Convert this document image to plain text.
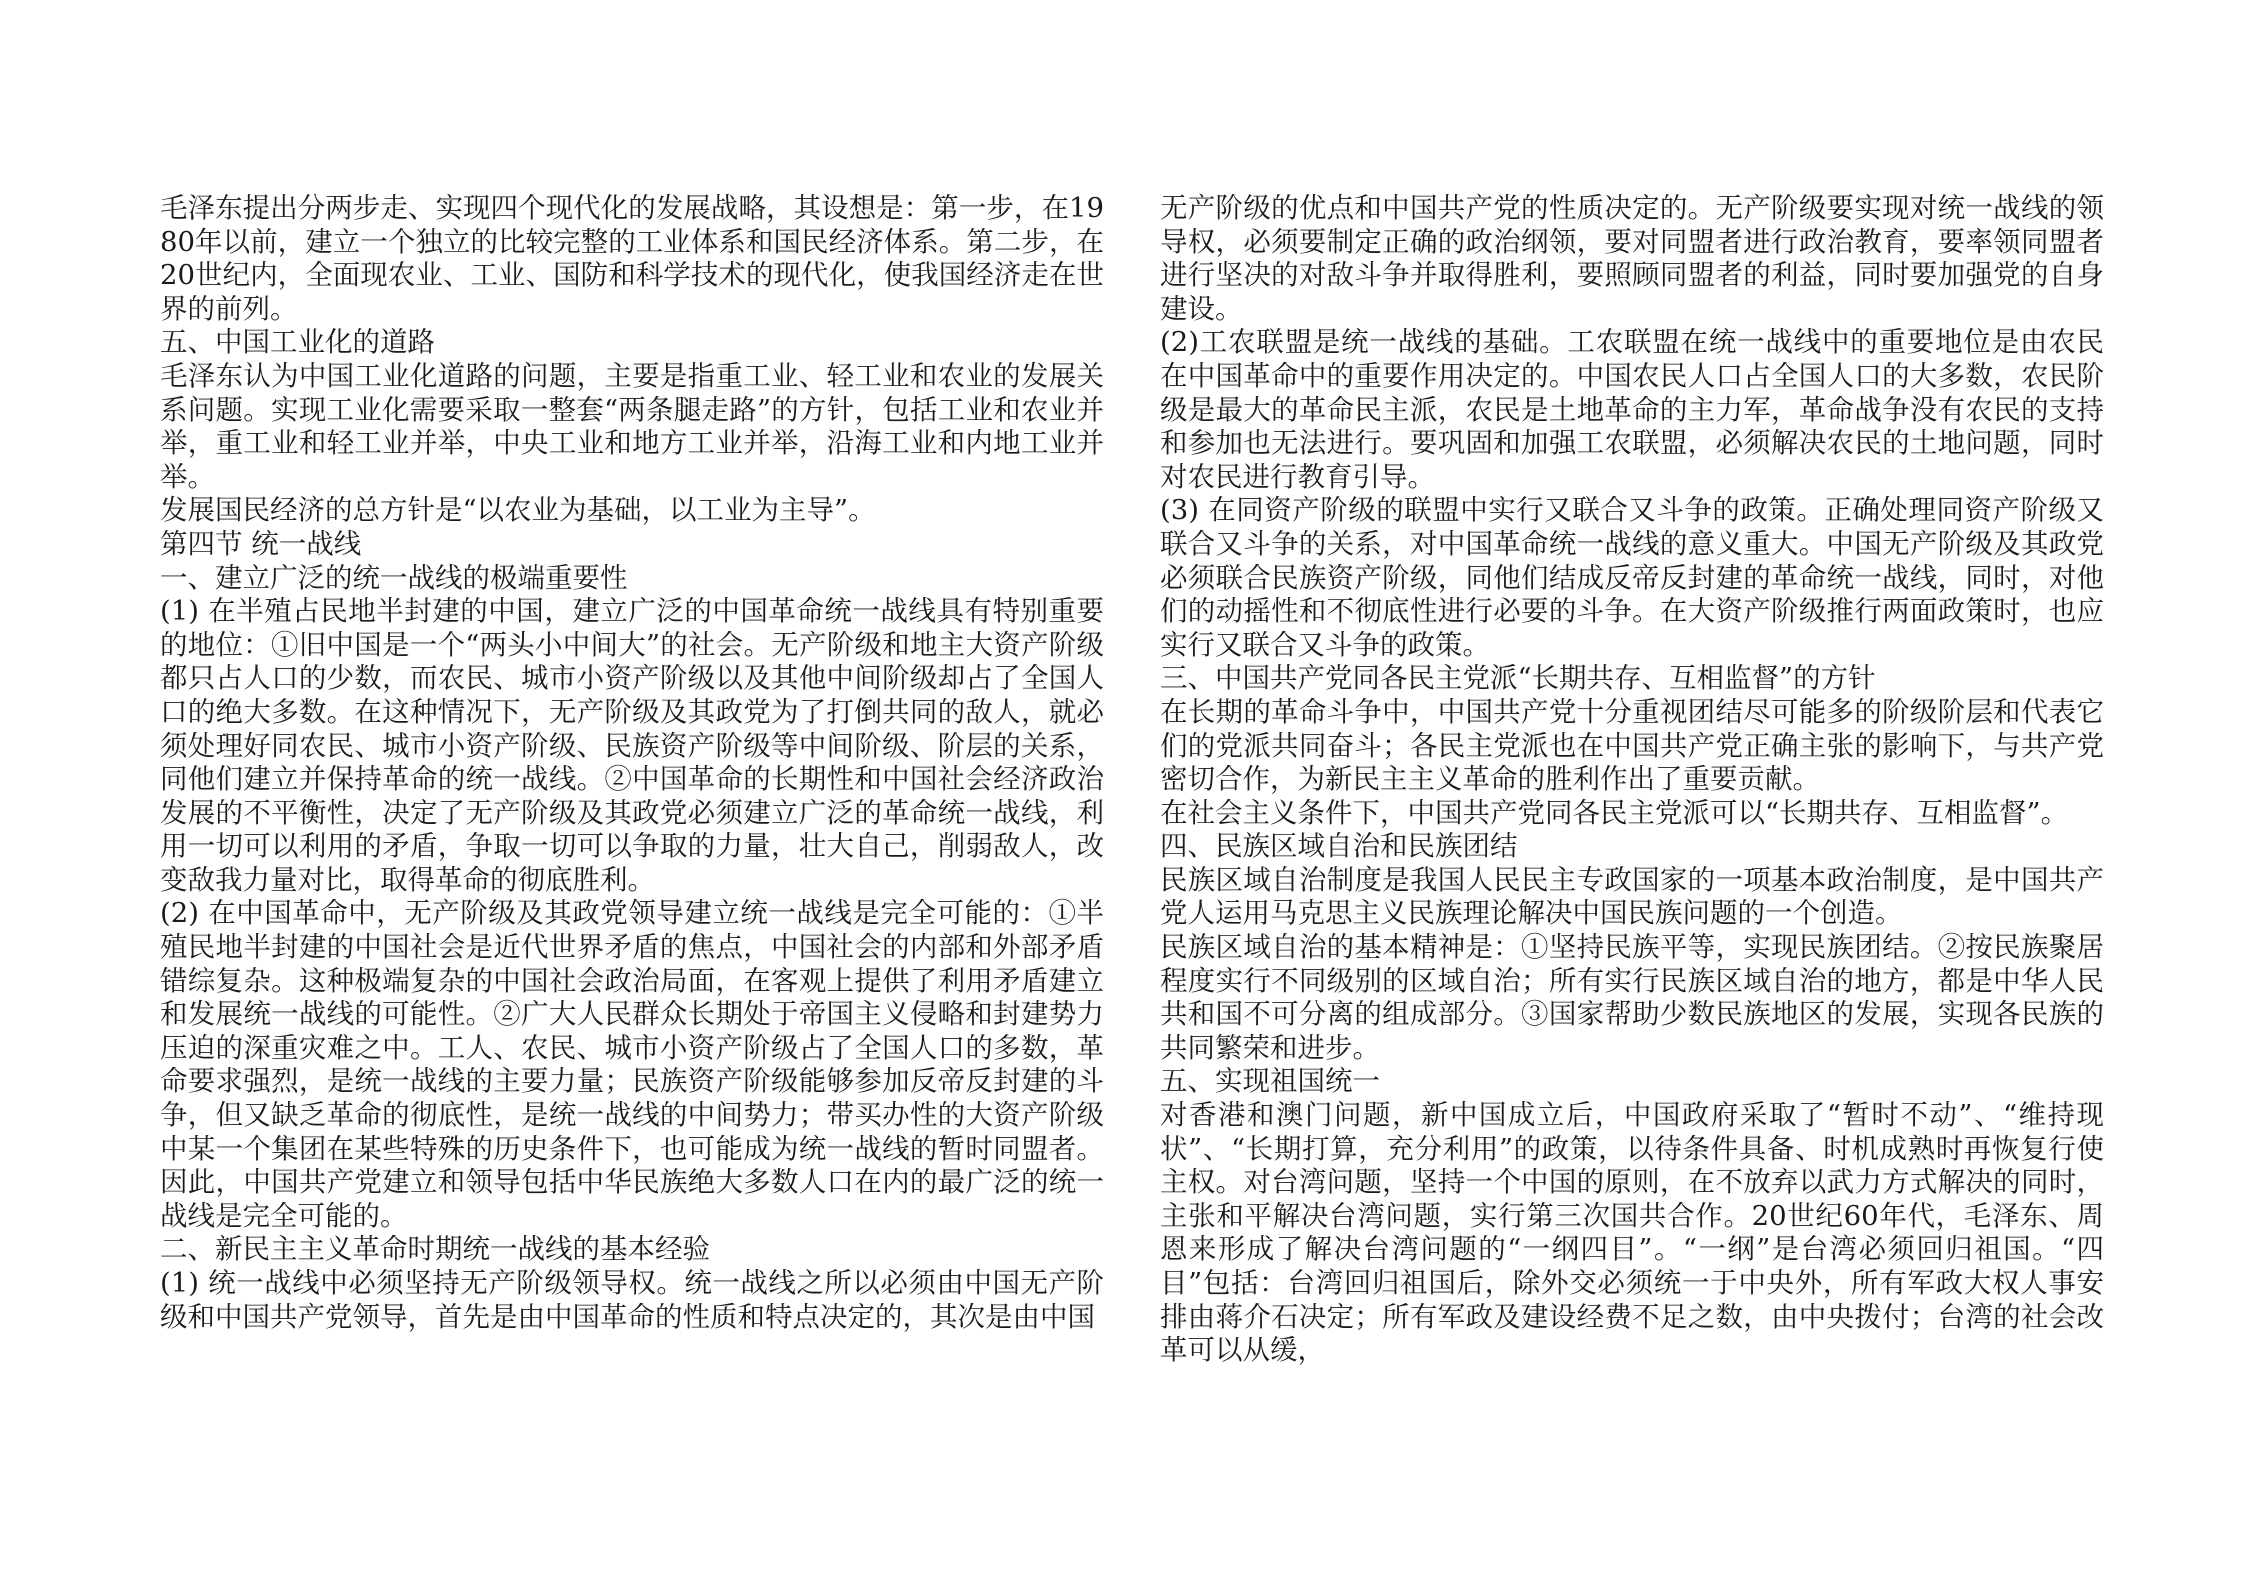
毛泽东提出分两步走、实现四个现代化的发展战略，其设想是：第一步，在1980年以前，建立一个独立的比较完整的工业体系和国民经济体系。第二步，在20世纪内，全面现农业、工业、国防和科学技术的现代化，使我国经济走在世界的前列。

五、中国工业化的道路

毛泽东认为中国工业化道路的问题，主要是指重工业、轻工业和农业的发展关系问题。实现工业化需要采取一整套“两条腿走路”的方针，包括工业和农业并举，重工业和轻工业并举，中央工业和地方工业并举，沿海工业和内地工业并举。

发展国民经济的总方针是“以农业为基础，以工业为主导”。

第四节 统一战线

一、建立广泛的统一战线的极端重要性

(1) 在半殖占民地半封建的中国，建立广泛的中国革命统一战线具有特别重要的地位：①旧中国是一个“两头小中间大”的社会。无产阶级和地主大资产阶级都只占人口的少数，而农民、城市小资产阶级以及其他中间阶级却占了全国人口的绝大多数。在这种情况下，无产阶级及其政党为了打倒共同的敌人，就必须处理好同农民、城市小资产阶级、民族资产阶级等中间阶级、阶层的关系，同他们建立并保持革命的统一战线。②中国革命的长期性和中国社会经济政治发展的不平衡性，决定了无产阶级及其政党必须建立广泛的革命统一战线，利用一切可以利用的矛盾，争取一切可以争取的力量，壮大自己，削弱敌人，改变敌我力量对比，取得革命的彻底胜利。

(2) 在中国革命中，无产阶级及其政党领导建立统一战线是完全可能的：①半殖民地半封建的中国社会是近代世界矛盾的焦点，中国社会的内部和外部矛盾错综复杂。这种极端复杂的中国社会政治局面，在客观上提供了利用矛盾建立和发展统一战线的可能性。②广大人民群众长期处于帝国主义侵略和封建势力压迫的深重灾难之中。工人、农民、城市小资产阶级占了全国人口的多数，革命要求强烈，是统一战线的主要力量；民族资产阶级能够参加反帝反封建的斗争，但又缺乏革命的彻底性，是统一战线的中间势力；带买办性的大资产阶级中某一个集团在某些特殊的历史条件下，也可能成为统一战线的暂时同盟者。因此，中国共产党建立和领导包括中华民族绝大多数人口在内的最广泛的统一战线是完全可能的。

二、新民主主义革命时期统一战线的基本经验

(1) 统一战线中必须坚持无产阶级领导权。统一战线之所以必须由中国无产阶级和中国共产党领导，首先是由中国革命的性质和特点决定的，其次是由中国

无产阶级的优点和中国共产党的性质决定的。无产阶级要实现对统一战线的领导权，必须要制定正确的政治纲领，要对同盟者进行政治教育，要率领同盟者进行坚决的对敌斗争并取得胜利，要照顾同盟者的利益，同时要加强党的自身建设。

(2)工农联盟是统一战线的基础。工农联盟在统一战线中的重要地位是由农民在中国革命中的重要作用决定的。中国农民人口占全国人口的大多数，农民阶级是最大的革命民主派，农民是土地革命的主力军，革命战争没有农民的支持和参加也无法进行。要巩固和加强工农联盟，必须解决农民的土地问题，同时对农民进行教育引导。

(3) 在同资产阶级的联盟中实行又联合又斗争的政策。正确处理同资产阶级又联合又斗争的关系，对中国革命统一战线的意义重大。中国无产阶级及其政党必须联合民族资产阶级，同他们结成反帝反封建的革命统一战线，同时，对他们的动摇性和不彻底性进行必要的斗争。在大资产阶级推行两面政策时，也应实行又联合又斗争的政策。

三、中国共产党同各民主党派“长期共存、互相监督”的方针

在长期的革命斗争中，中国共产党十分重视团结尽可能多的阶级阶层和代表它们的党派共同奋斗；各民主党派也在中国共产党正确主张的影响下，与共产党密切合作，为新民主主义革命的胜利作出了重要贡献。

在社会主义条件下，中国共产党同各民主党派可以“长期共存、互相监督”。

四、民族区域自治和民族团结

民族区域自治制度是我国人民民主专政国家的一项基本政治制度，是中国共产党人运用马克思主义民族理论解决中国民族问题的一个创造。

民族区域自治的基本精神是：①坚持民族平等，实现民族团结。②按民族聚居程度实行不同级别的区域自治；所有实行民族区域自治的地方，都是中华人民共和国不可分离的组成部分。③国家帮助少数民族地区的发展，实现各民族的共同繁荣和进步。

五、实现祖国统一

对香港和澳门问题，新中国成立后，中国政府采取了“暂时不动”、“维持现状”、“长期打算，充分利用”的政策，以待条件具备、时机成熟时再恢复行使主权。对台湾问题，坚持一个中国的原则，在不放弃以武力方式解决的同时，主张和平解决台湾问题，实行第三次国共合作。20世纪60年代，毛泽东、周恩来形成了解决台湾问题的“一纲四目”。“一纲”是台湾必须回归祖国。“四目”包括：台湾回归祖国后，除外交必须统一于中央外，所有军政大权人事安排由蒋介石决定；所有军政及建设经费不足之数，由中央拨付；台湾的社会改革可以从缓，
